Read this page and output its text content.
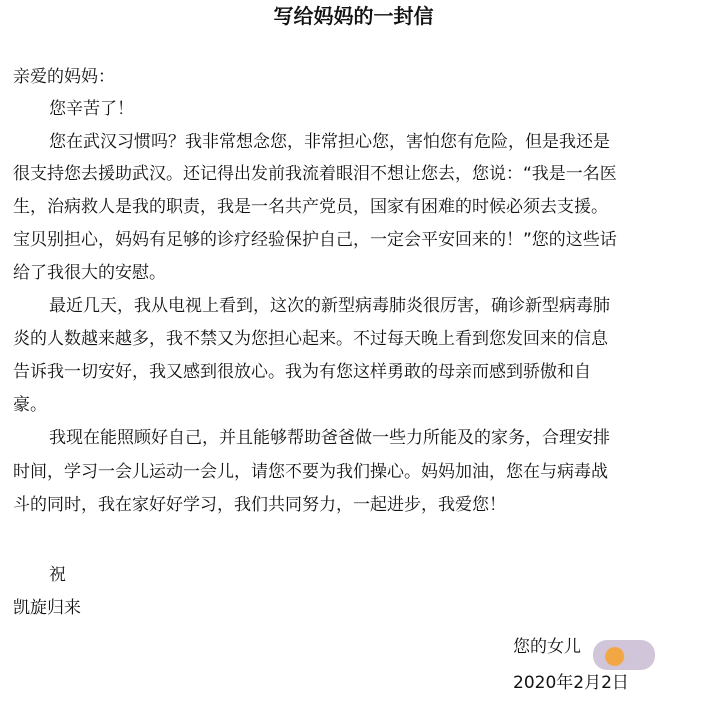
写给妈妈的一封信
亲爱的妈妈：
您辛苦了！
您在武汉习惯吗？我非常想念您，非常担心您，害怕您有危险，但是我还是
很支持您去援助武汉。还记得出发前我流着眼泪不想让您去，您说：“我是一名医
生，治病救人是我的职责，我是一名共产党员，国家有困难的时候必须去支援。
宝贝别担心，妈妈有足够的诊疗经验保护自己，一定会平安回来的！”您的这些话
给了我很大的安慰。
最近几天，我从电视上看到，这次的新型病毒肺炎很厉害，确诊新型病毒肺
炎的人数越来越多，我不禁又为您担心起来。不过每天晚上看到您发回来的信息
告诉我一切安好，我又感到很放心。我为有您这样勇敢的母亲而感到骄傲和自
豪。
我现在能照顾好自己，并且能够帮助爸爸做一些力所能及的家务，合理安排
时间，学习一会儿运动一会儿，请您不要为我们操心。妈妈加油，您在与病毒战
斗的同时，我在家好好学习，我们共同努力，一起进步，我爱您！
祝
凯旋归来
您的女儿
2020年2月2日
